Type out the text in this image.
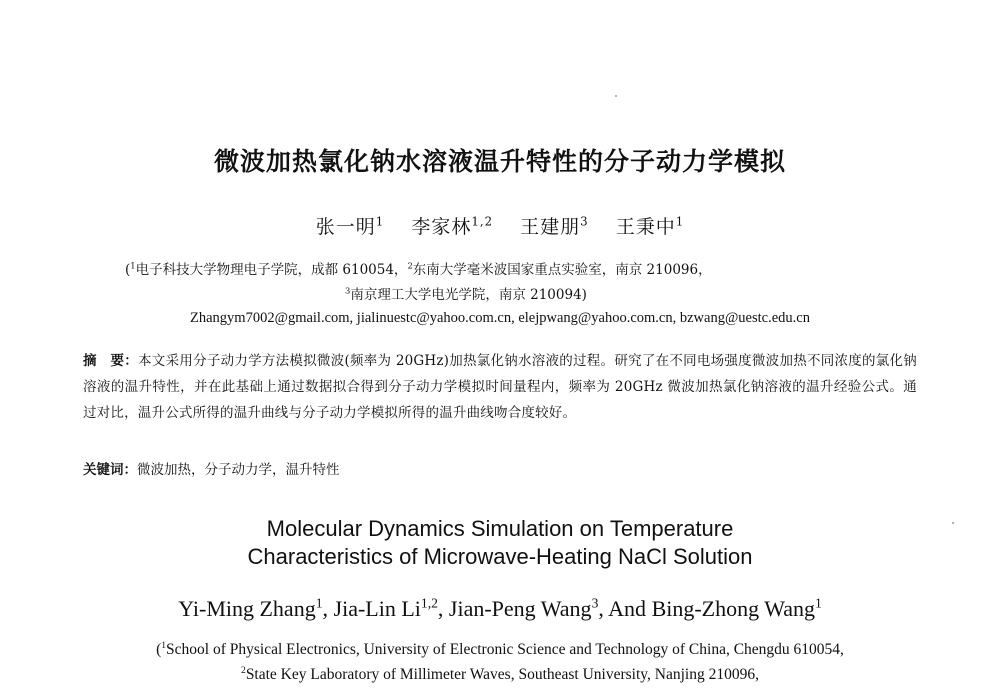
微波加热氯化钠水溶液温升特性的分子动力学模拟
张一明$^1$ 李家林$^{1,2}$ 王建朋$^3$ 王秉中$^1$
($^1$电子科技大学物理电子学院，成都 610054，$^2$东南大学毫米波国家重点实验室，南京 210096，
$^3$南京理工大学电光学院，南京 210094)
Zhangym7002@gmail.com, jialinuestc@yahoo.com.cn, elejpwang@yahoo.com.cn, bzwang@uestc.edu.cn
摘　要：本文采用分子动力学方法模拟微波(频率为 20GHz)加热氯化钠水溶液的过程。研究了在不同电场强度微波加热不同浓度的氯化钠溶液的温升特性，并在此基础上通过数据拟合得到分子动力学模拟时间量程内，频率为 20GHz 微波加热氯化钠溶液的温升经验公式。通过对比，温升公式所得的温升曲线与分子动力学模拟所得的温升曲线吻合度较好。
关键词：微波加热，分子动力学，温升特性
Molecular Dynamics Simulation on Temperature
Characteristics of Microwave-Heating NaCl Solution
Yi-Ming Zhang$^1$, Jia-Lin Li$^{1,2}$, Jian-Peng Wang$^3$, And Bing-Zhong Wang$^1$
($^1$School of Physical Electronics, University of Electronic Science and Technology of China, Chengdu 610054,
$^2$State Key Laboratory of Millimeter Waves, Southeast University, Nanjing 210096,
